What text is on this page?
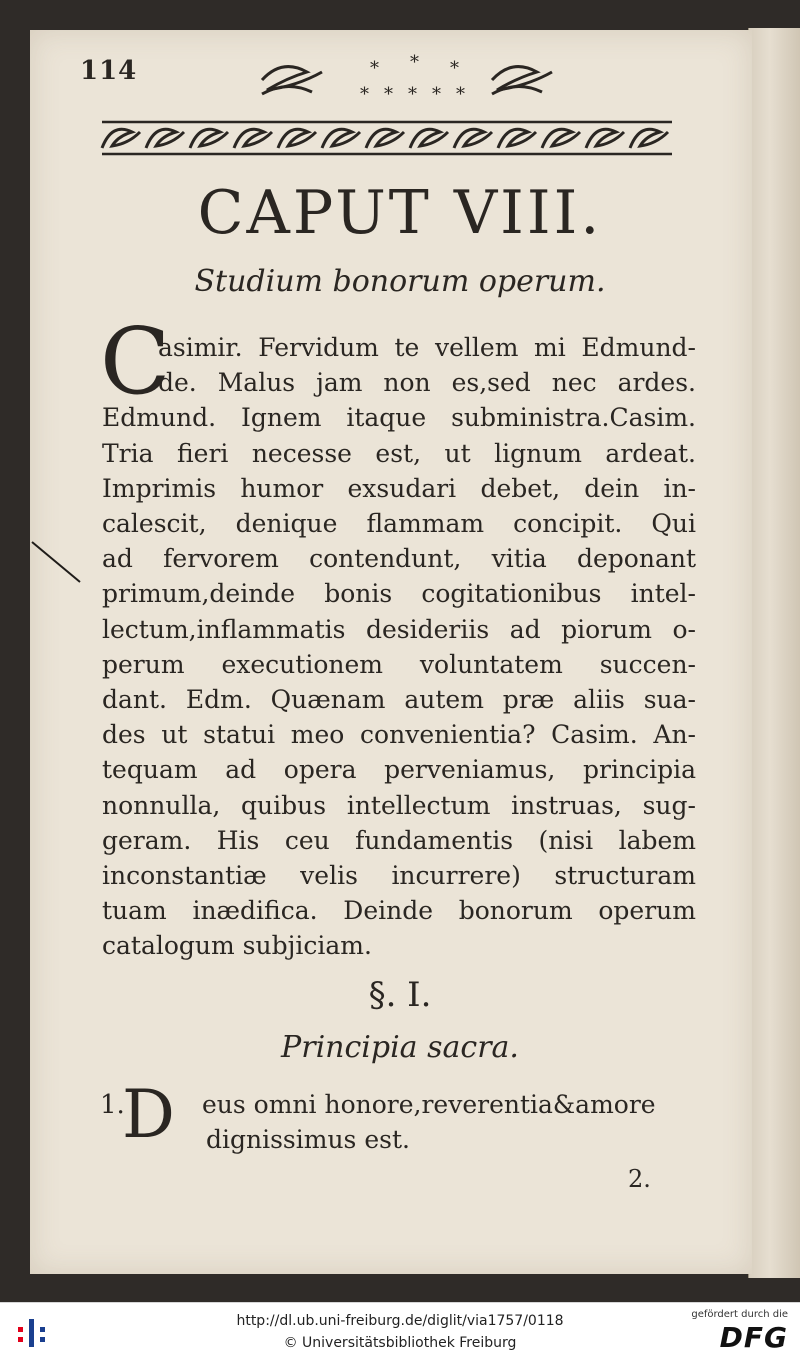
114	* * *
* * * * *
CAPUT VIII.
Studium bonorum operum.
C
asimir. Fervidum te vellem mi Edmund-
de. Malus jam non es,sed nec ardes.
Edmund. Ignem itaque subministra.Casim.
Tria fieri necesse est, ut lignum ardeat.
Imprimis humor exsudari debet, dein in-
calescit, denique flammam concipit. Qui
ad fervorem contendunt, vitia deponant
primum,deinde bonis cogitationibus intel-
lectum,inflammatis desideriis ad piorum o-
perum executionem voluntatem succen-
dant. Edm. Quænam autem præ aliis sua-
des ut statui meo convenientia? Casim. An-
tequam ad opera perveniamus, principia
nonnulla, quibus intellectum instruas, sug-
geram. His ceu fundamentis (nisi labem
inconstantiæ velis incurrere) structuram
tuam inædifica. Deinde bonorum operum
catalogum subjiciam.
§. I.
Principia sacra.
1.
D eus omni honore,reverentia&amore
dignissimus est.
2.
http://dl.ub.uni-freiburg.de/diglit/via1757/0118
© Universitätsbibliothek Freiburg
gefördert durch die
DFG
